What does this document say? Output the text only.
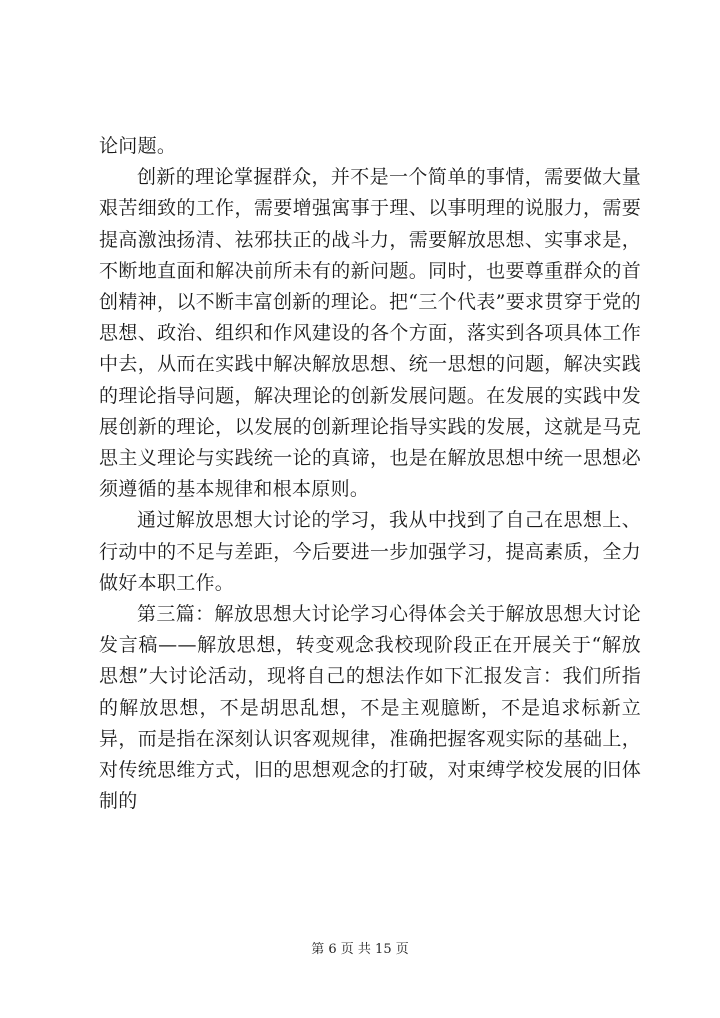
论问题。

创新的理论掌握群众，并不是一个简单的事情，需要做大量艰苦细致的工作，需要增强寓事于理、以事明理的说服力，需要提高激浊扬清、祛邪扶正的战斗力，需要解放思想、实事求是，不断地直面和解决前所未有的新问题。同时，也要尊重群众的首创精神，以不断丰富创新的理论。把“三个代表”要求贯穿于党的思想、政治、组织和作风建设的各个方面，落实到各项具体工作中去，从而在实践中解决解放思想、统一思想的问题，解决实践的理论指导问题，解决理论的创新发展问题。在发展的实践中发展创新的理论，以发展的创新理论指导实践的发展，这就是马克思主义理论与实践统一论的真谛，也是在解放思想中统一思想必须遵循的基本规律和根本原则。

通过解放思想大讨论的学习，我从中找到了自己在思想上、行动中的不足与差距，今后要进一步加强学习，提高素质，全力做好本职工作。

第三篇：解放思想大讨论学习心得体会关于解放思想大讨论发言稿——解放思想，转变观念我校现阶段正在开展关于“解放思想”大讨论活动，现将自己的想法作如下汇报发言：我们所指的解放思想，不是胡思乱想，不是主观臆断，不是追求标新立异，而是指在深刻认识客观规律，准确把握客观实际的基础上，对传统思维方式，旧的思想观念的打破，对束缚学校发展的旧体制的

第 6 页 共 15 页
